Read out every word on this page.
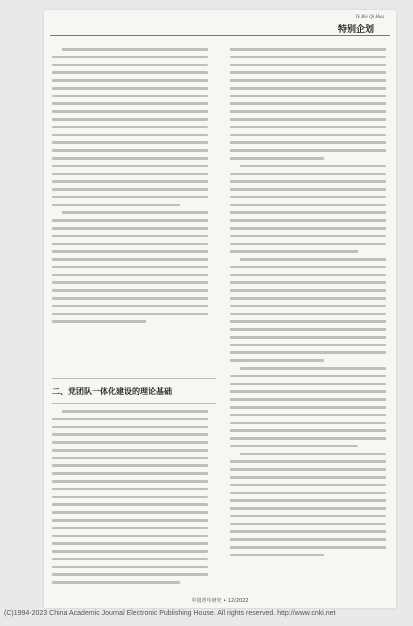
Te Bie Qi Hua
特别企划
二、党团队一体化建设的理论基础
中国青年研究 • 12/2022
(C)1994-2023 China Academic Journal Electronic Publishing House. All rights reserved. http://www.cnki.net
